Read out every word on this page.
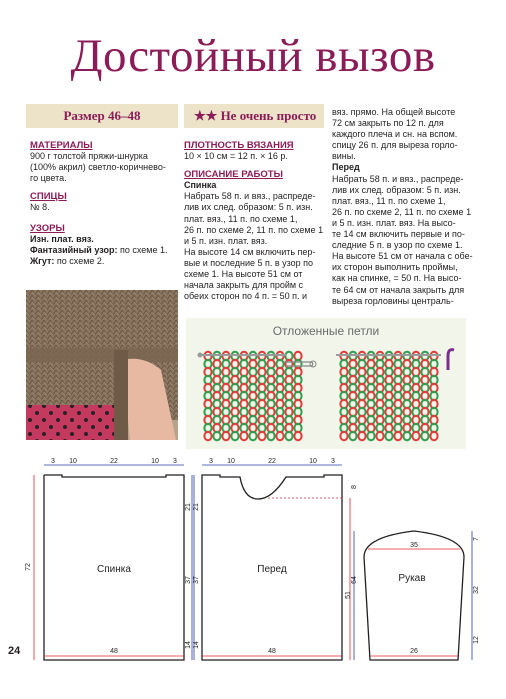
Достойный вызов
Размер 46–48	★★ Не очень просто
МАТЕРИАЛЫ
900 г толстой пряжи-шнурка
(100% акрил) светло-коричнево-
го цвета.
СПИЦЫ
№ 8.
УЗОРЫ
Изн. плат. вяз.
Фантазийный узор: по схеме 1.
Жгут: по схеме 2.
ПЛОТНОСТЬ ВЯЗАНИЯ
10 × 10 см = 12 п. × 16 р.
ОПИСАНИЕ РАБОТЫ
Спинка
Набрать 58 п. и вяз., распреде-
лив их след. образом: 5 п. изн.
плат. вяз., 11 п. по схеме 1,
26 п. по схеме 2, 11 п. по схеме 1
и 5 п. изн. плат. вяз.
На высоте 14 см включить пер-
вые и последние 5 п. в узор по
схеме 1. На высоте 51 см от
начала закрыть для пройм с
обеих сторон по 4 п. = 50 п. и
вяз. прямо. На общей высоте
72 см закрыть по 12 п. для
каждого плеча и сн. на вспом.
спицу 26 п. для выреза горло-
вины.
Перед
Набрать 58 п. и вяз., распреде-
лив их след. образом: 5 п. изн.
плат. вяз., 11 п. по схеме 1,
26 п. по схеме 2, 11 п. по схеме 1
и 5 п. изн. плат. вяз. На высо-
те 14 см включить первые и по-
следние 5 п. в узор по схеме 1.
На высоте 51 см от начала с обе-
их сторон выполнить проймы,
как на спинке, = 50 п. На высо-
те 64 см от начала закрыть для
выреза горловины централь-
Отложенные петли
Спинка
3 10	22	10 3
72
21
37
14
48
Перед
3 10	22	10 3
8
64
21
37
14
48
Рукав
35
51
7
32
12
26
24
